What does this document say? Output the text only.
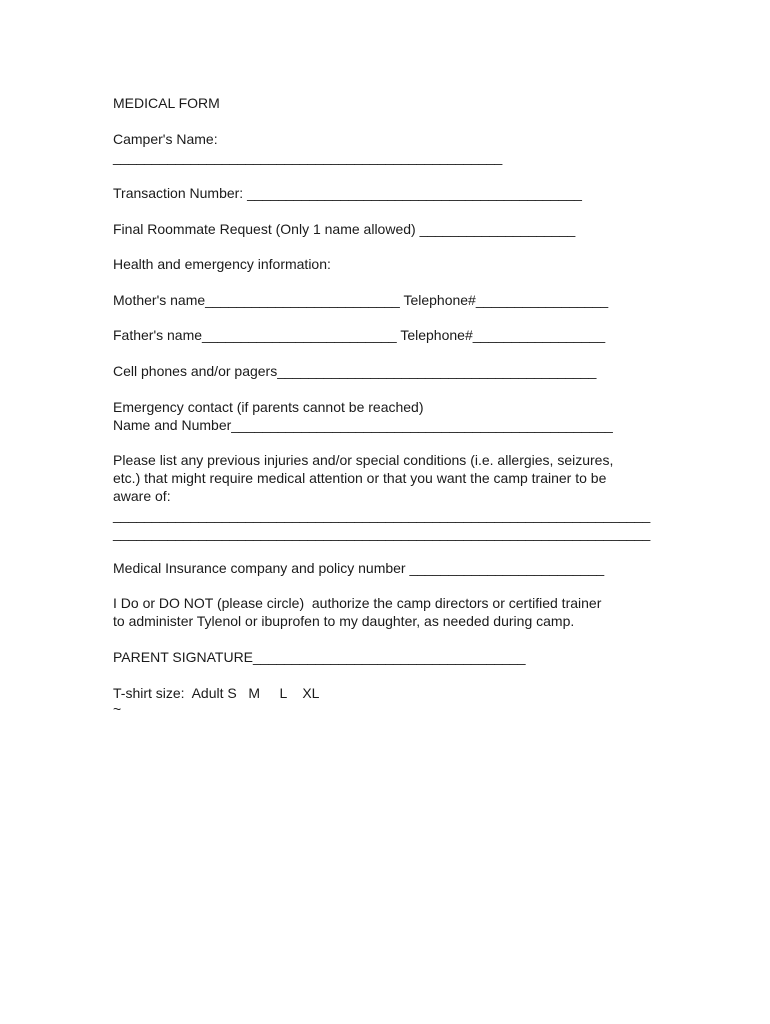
MEDICAL FORM
Camper's Name:
__________________________________________________
Transaction Number: ___________________________________________
Final Roommate Request (Only 1 name allowed) ____________________
Health and emergency information:
Mother's name_________________________ Telephone#_________________
Father's name_________________________ Telephone#_________________
Cell phones and/or pagers_________________________________________
Emergency contact (if parents cannot be reached)
Name and Number_________________________________________________
Please list any previous injuries and/or special conditions (i.e. allergies, seizures,
etc.) that might require medical attention or that you want the camp trainer to be
aware of:
_____________________________________________________________________
_____________________________________________________________________
Medical Insurance company and policy number _________________________
I Do or DO NOT (please circle)  authorize the camp directors or certified trainer
to administer Tylenol or ibuprofen to my daughter, as needed during camp.
PARENT SIGNATURE___________________________________
T-shirt size:  Adult S   M     L    XL
~
